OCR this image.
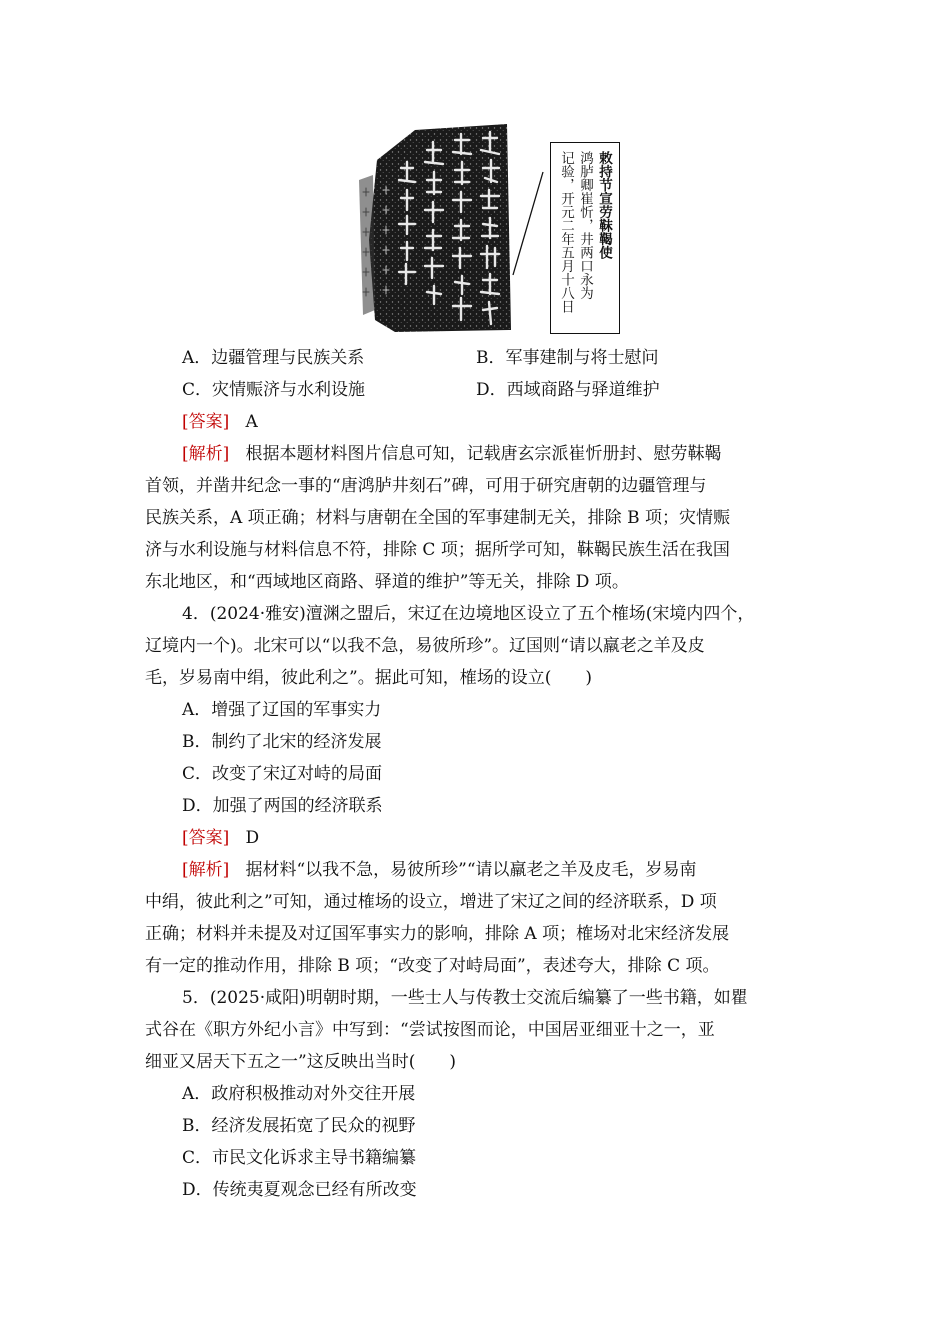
敕持节宣劳靺鞨使
鸿胪卿崔忻，井两口永为
记验，开元二年五月十八日
A．边疆管理与民族关系	B．军事建制与将士慰问
C．灾情赈济与水利设施	D．西域商路与驿道维护
[答案] A
[解析] 根据本题材料图片信息可知，记载唐玄宗派崔忻册封、慰劳靺鞨
首领，并凿井纪念一事的“唐鸿胪井刻石”碑，可用于研究唐朝的边疆管理与
民族关系，A 项正确；材料与唐朝在全国的军事建制无关，排除 B 项；灾情赈
济与水利设施与材料信息不符，排除 C 项；据所学可知，靺鞨民族生活在我国
东北地区，和“西域地区商路、驿道的维护”等无关，排除 D 项。
4．(2024·雅安)澶渊之盟后，宋辽在边境地区设立了五个榷场(宋境内四个，
辽境内一个)。北宋可以“以我不急，易彼所珍”。辽国则“请以羸老之羊及皮
毛，岁易南中绢，彼此利之”。据此可知，榷场的设立(　　)
A．增强了辽国的军事实力
B．制约了北宋的经济发展
C．改变了宋辽对峙的局面
D．加强了两国的经济联系
[答案] D
[解析] 据材料“以我不急，易彼所珍”“请以羸老之羊及皮毛，岁易南
中绢，彼此利之”可知，通过榷场的设立，增进了宋辽之间的经济联系，D 项
正确；材料并未提及对辽国军事实力的影响，排除 A 项；榷场对北宋经济发展
有一定的推动作用，排除 B 项；“改变了对峙局面”，表述夸大，排除 C 项。
5．(2025·咸阳)明朝时期，一些士人与传教士交流后编纂了一些书籍，如瞿
式谷在《职方外纪小言》中写到：“尝试按图而论，中国居亚细亚十之一，亚
细亚又居天下五之一”这反映出当时(　　)
A．政府积极推动对外交往开展
B．经济发展拓宽了民众的视野
C．市民文化诉求主导书籍编纂
D．传统夷夏观念已经有所改变
